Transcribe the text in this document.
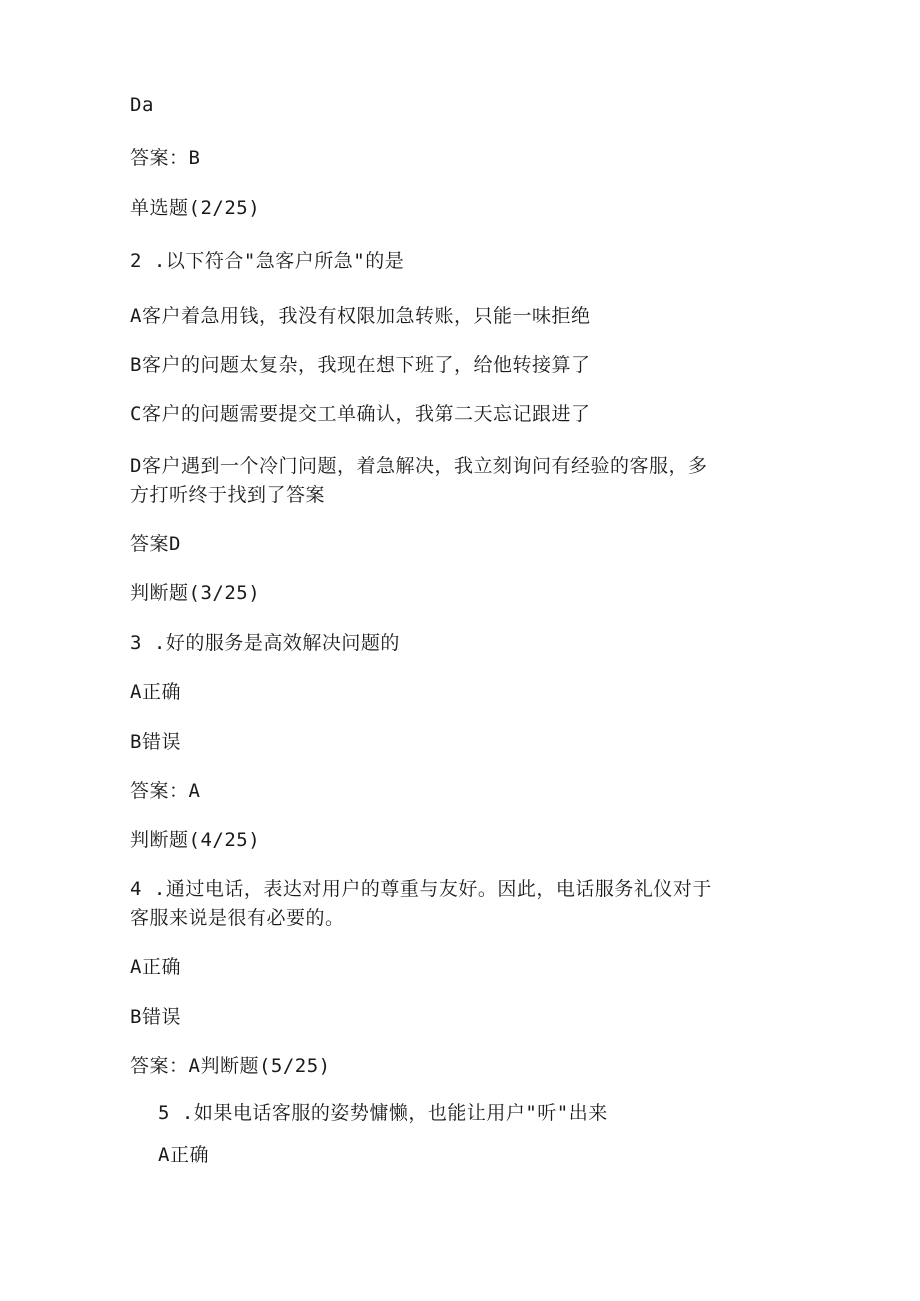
Da

答案：B

单选题(2/25)

2 .以下符合"急客户所急"的是

A客户着急用钱，我没有权限加急转账，只能一味拒绝

B客户的问题太复杂，我现在想下班了，给他转接算了

C客户的问题需要提交工单确认，我第二天忘记跟进了

D客户遇到一个冷门问题，着急解决，我立刻询问有经验的客服，多

方打听终于找到了答案

答案D

判断题(3/25)

3 .好的服务是高效解决问题的

A正确

B错误

答案：A

判断题(4/25)

4 .通过电话，表达对用户的尊重与友好。因此，电话服务礼仪对于

客服来说是很有必要的。

A正确

B错误

答案：A判断题(5/25)

5 .如果电话客服的姿势慵懒，也能让用户"听"出来

A正确
